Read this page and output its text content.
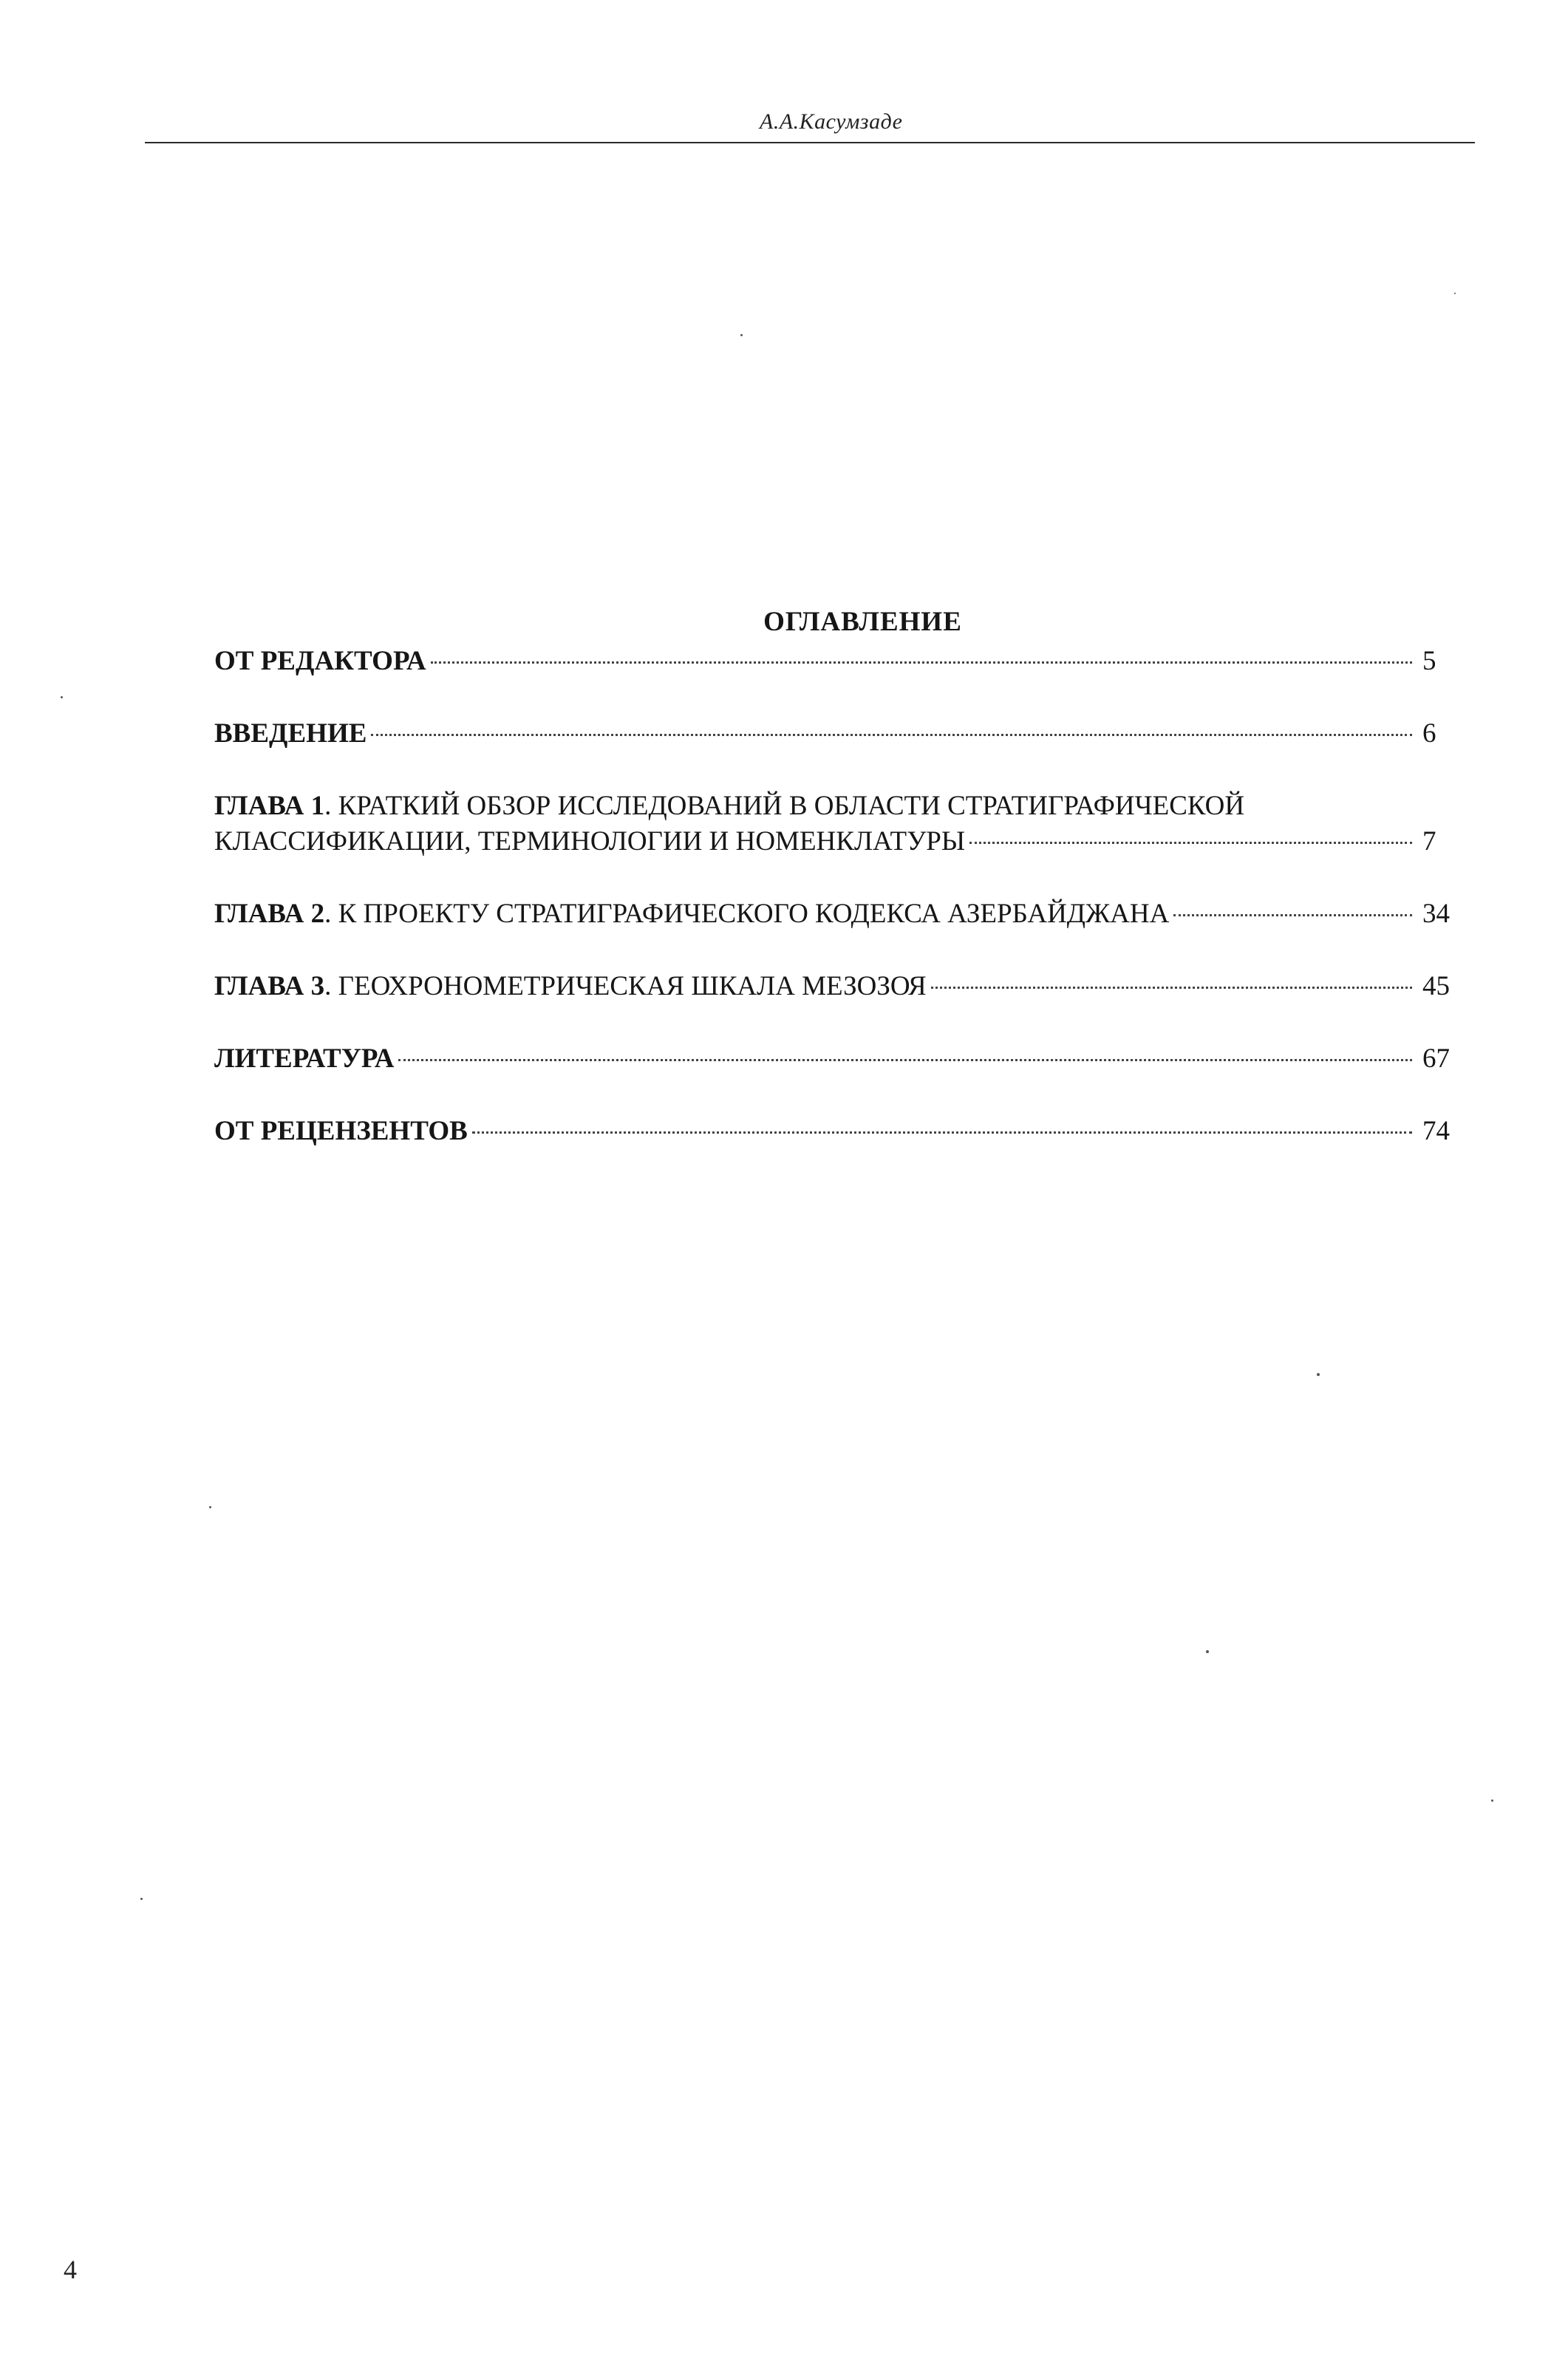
А.А.Касумзаде
ОГЛАВЛЕНИЕ
ОТ РЕДАКТОРА	5
ВВЕДЕНИЕ	6
ГЛАВА 1. КРАТКИЙ ОБЗОР ИССЛЕДОВАНИЙ В ОБЛАСТИ СТРАТИГРАФИЧЕСКОЙ
КЛАССИФИКАЦИИ, ТЕРМИНОЛОГИИ И НОМЕНКЛАТУРЫ	7
ГЛАВА 2. К ПРОЕКТУ СТРАТИГРАФИЧЕСКОГО КОДЕКСА АЗЕРБАЙДЖАНА	34
ГЛАВА 3. ГЕОХРОНОМЕТРИЧЕСКАЯ ШКАЛА МЕЗОЗОЯ	45
ЛИТЕРАТУРА	67
ОТ РЕЦЕНЗЕНТОВ	74
4
